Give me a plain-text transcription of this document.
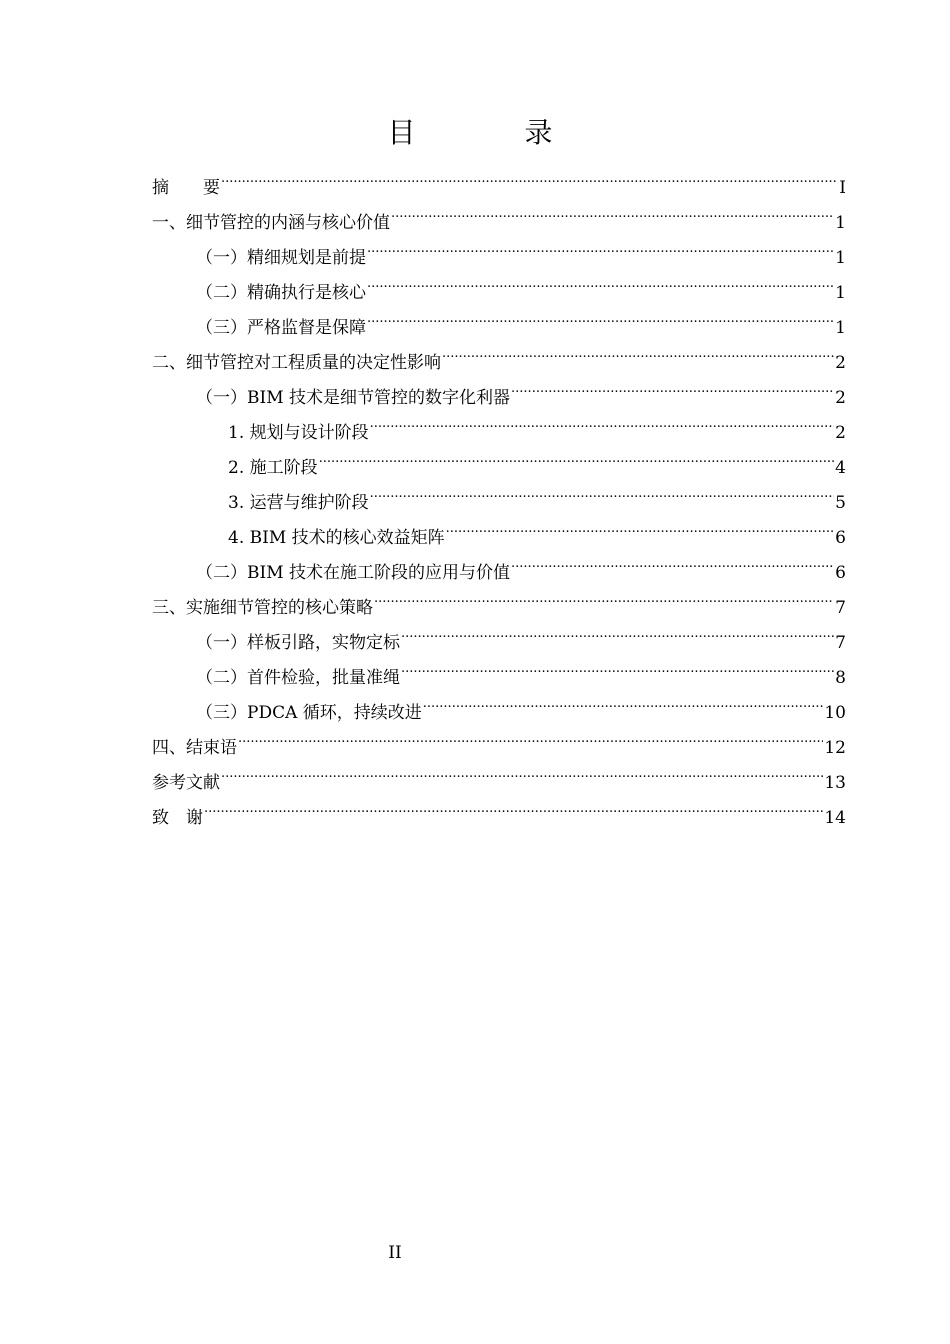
目 录
摘　　要 .....	I
一、细节管控的内涵与核心价值 .....	1
（一）精细规划是前提 .....	1
（二）精确执行是核心 .....	1
（三）严格监督是保障 .....	1
二、细节管控对工程质量的决定性影响 .....	2
（一）BIM 技术是细节管控的数字化利器 .....	2
1. 规划与设计阶段 .....	2
2. 施工阶段 .....	4
3. 运营与维护阶段 .....	5
4. BIM 技术的核心效益矩阵 .....	6
（二）BIM 技术在施工阶段的应用与价值 .....	6
三、实施细节管控的核心策略 .....	7
（一）样板引路，实物定标 .....	7
（二）首件检验，批量准绳 .....	8
（三）PDCA 循环，持续改进 .....	10
四、结束语 .....	12
参考文献 .....	13
致　谢 .....	14
II
